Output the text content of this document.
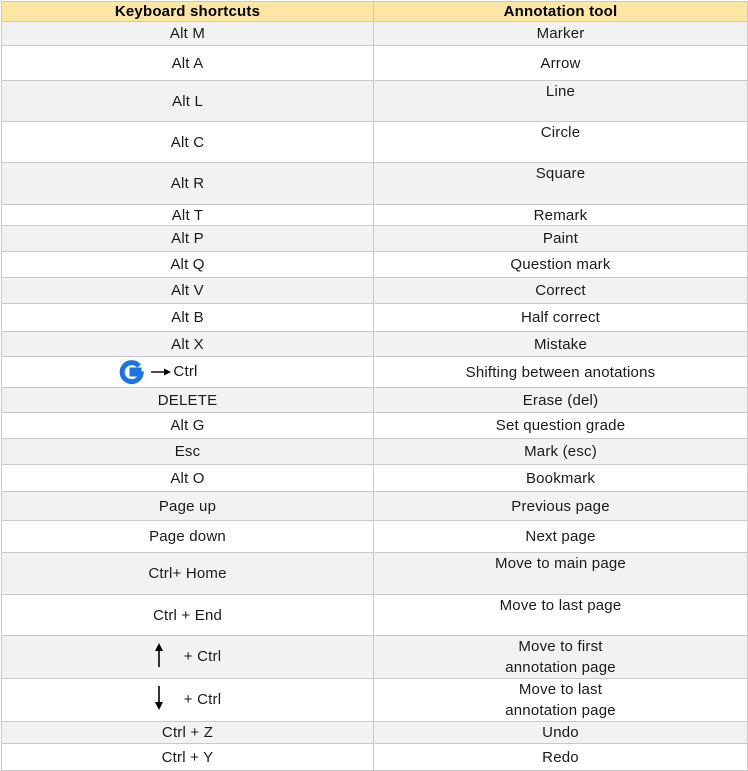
Keyboard shortcuts	Annotation tool
Alt M	Marker
Alt A	Arrow
Alt L	Line
Alt C	Circle
Alt R	Square
Alt T	Remark
Alt P	Paint
Alt Q	Question mark
Alt V	Correct
Alt B	Half correct
Alt X	Mistake
Ctrl	Shifting between anotations
DELETE	Erase (del)
Alt G	Set question grade
Esc	Mark (esc)
Alt O	Bookmark
Page up	Previous page
Page down	Next page
Ctrl+ Home	Move to main page
Ctrl + End	Move to last page
+ Ctrl	Move to first
annotation page

+ Ctrl	Move to last
annotation page

Ctrl + Z	Undo
Ctrl + Y	Redo
